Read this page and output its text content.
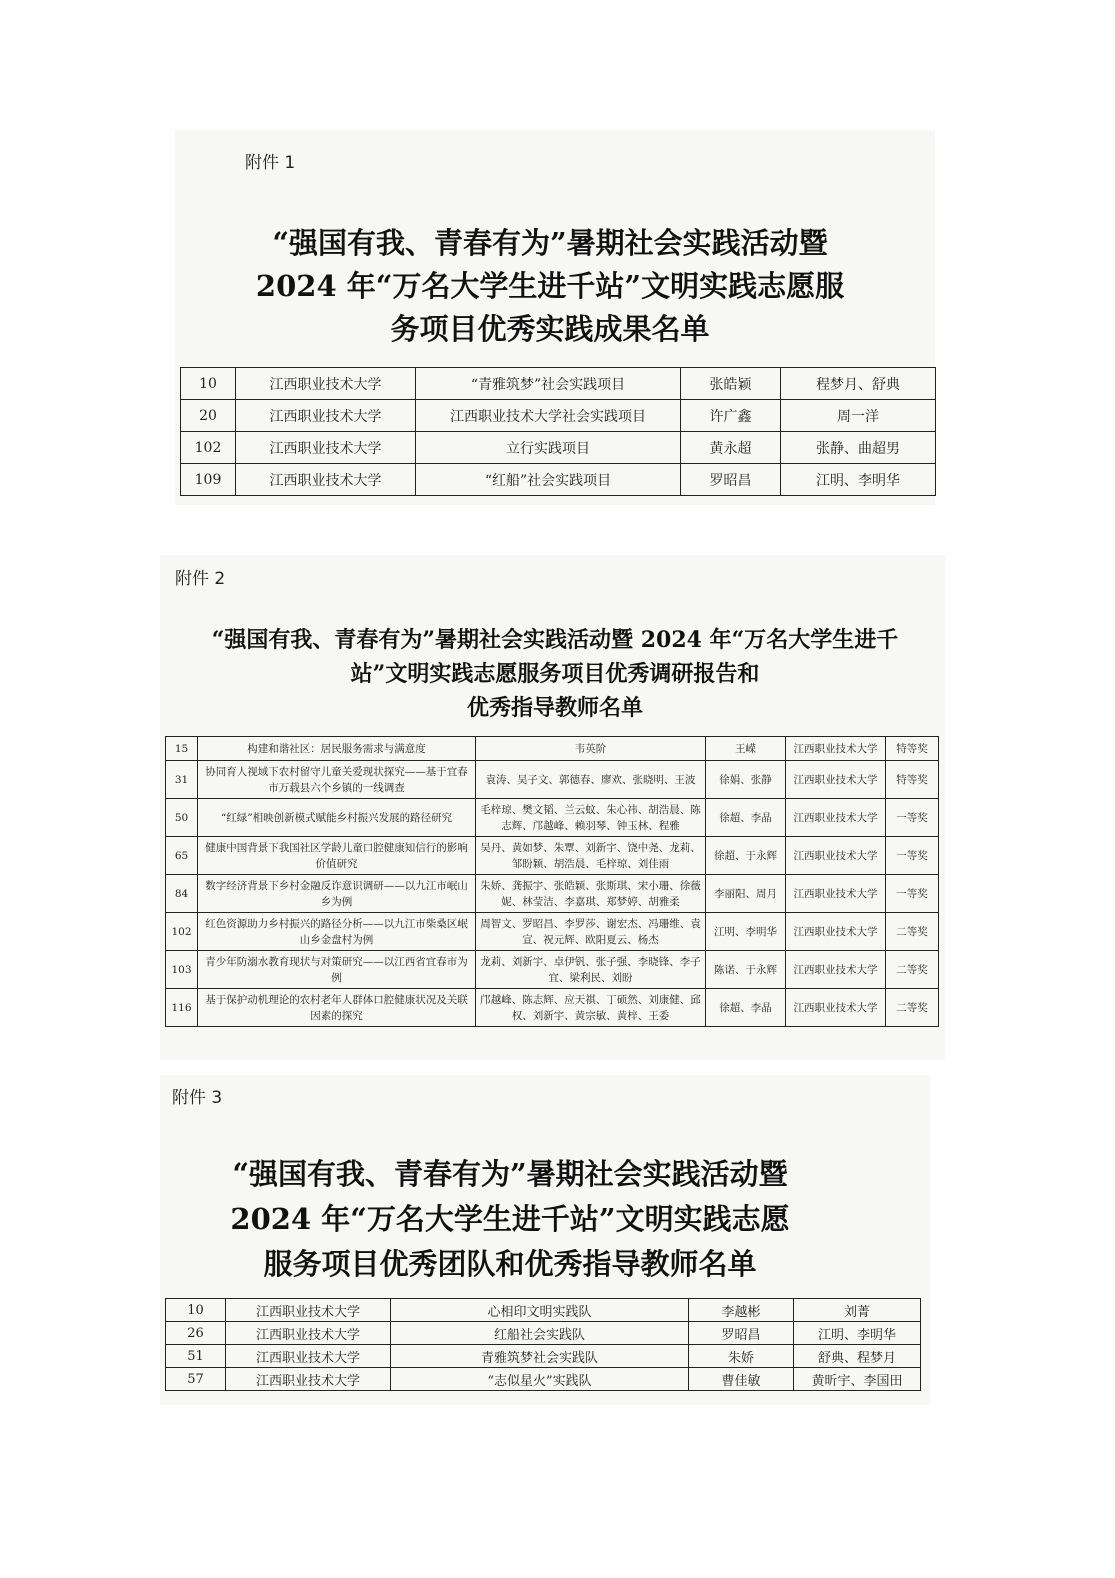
附件 1
“强国有我、青春有为”暑期社会实践活动暨
2024 年“万名大学生进千站”文明实践志愿服
务项目优秀实践成果名单
10	江西职业技术大学	“青雅筑梦”社会实践项目	张皓颖	程梦月、舒典
20	江西职业技术大学	江西职业技术大学社会实践项目	许广鑫	周一洋
102	江西职业技术大学	立行实践项目	黄永超	张静、曲超男
109	江西职业技术大学	“红船”社会实践项目	罗昭昌	江明、李明华
附件 2
“强国有我、青春有为”暑期社会实践活动暨 2024 年“万名大学生进千
站”文明实践志愿服务项目优秀调研报告和
优秀指导教师名单
15	构建和谐社区：居民服务需求与满意度	韦英阶	王嵘	江西职业技术大学	特等奖
31	协同育人视域下农村留守儿童关爱现状探究——基于宜春市万载县六个乡镇的一线调查	袁涛、吴子文、郭德春、廖欢、张晓明、王波	徐娟、张静	江西职业技术大学	特等奖
50	“红绿”相映创新模式赋能乡村振兴发展的路径研究	毛梓琼、樊文韬、兰云蚊、朱心祎、胡浩晨、陈志辉、邝越峰、赖羽琴、钟玉林、程雅	徐超、李晶	江西职业技术大学	一等奖
65	健康中国背景下我国社区学龄儿童口腔健康知信行的影响价值研究	吴丹、黄如梦、朱覃、刘新宇、饶中尧、龙莉、邹盼颖、胡浩晨、毛梓琼、刘佳雨	徐超、于永辉	江西职业技术大学	一等奖
84	数字经济背景下乡村金融反诈意识调研——以九江市岷山乡为例	朱娇、龚振宇、张皓颖、张斯琪、宋小珊、徐薇妮、林莹洁、李嘉琪、郑梦婷、胡雅柔	李丽阳、周月	江西职业技术大学	一等奖
102	红色资源助力乡村振兴的路径分析——以九江市柴桑区岷山乡金盘村为例	周智文、罗昭昌、李罗莎、谢宏杰、冯珊维、袁宣、祝元辉、欧阳夏云、杨杰	江明、李明华	江西职业技术大学	二等奖
103	青少年防溺水教育现状与对策研究——以江西省宜春市为例	龙莉、刘新宇、卓伊钒、张子强、李晓锋、李子宜、梁利民、刘盼	陈诺、于永辉	江西职业技术大学	二等奖
116	基于保护动机理论的农村老年人群体口腔健康状况及关联因素的探究	邝越峰、陈志辉、应天祺、丁硕然、刘康健、邱权、刘新宇、黄宗敏、黄梓、王委	徐超、李晶	江西职业技术大学	二等奖
附件 3
“强国有我、青春有为”暑期社会实践活动暨
2024 年“万名大学生进千站”文明实践志愿
服务项目优秀团队和优秀指导教师名单
10	江西职业技术大学	心相印文明实践队	李越彬	刘菁
26	江西职业技术大学	红船社会实践队	罗昭昌	江明、李明华
51	江西职业技术大学	青雅筑梦社会实践队	朱娇	舒典、程梦月
57	江西职业技术大学	“志似星火”实践队	曹佳敏	黄昕宇、李国田
